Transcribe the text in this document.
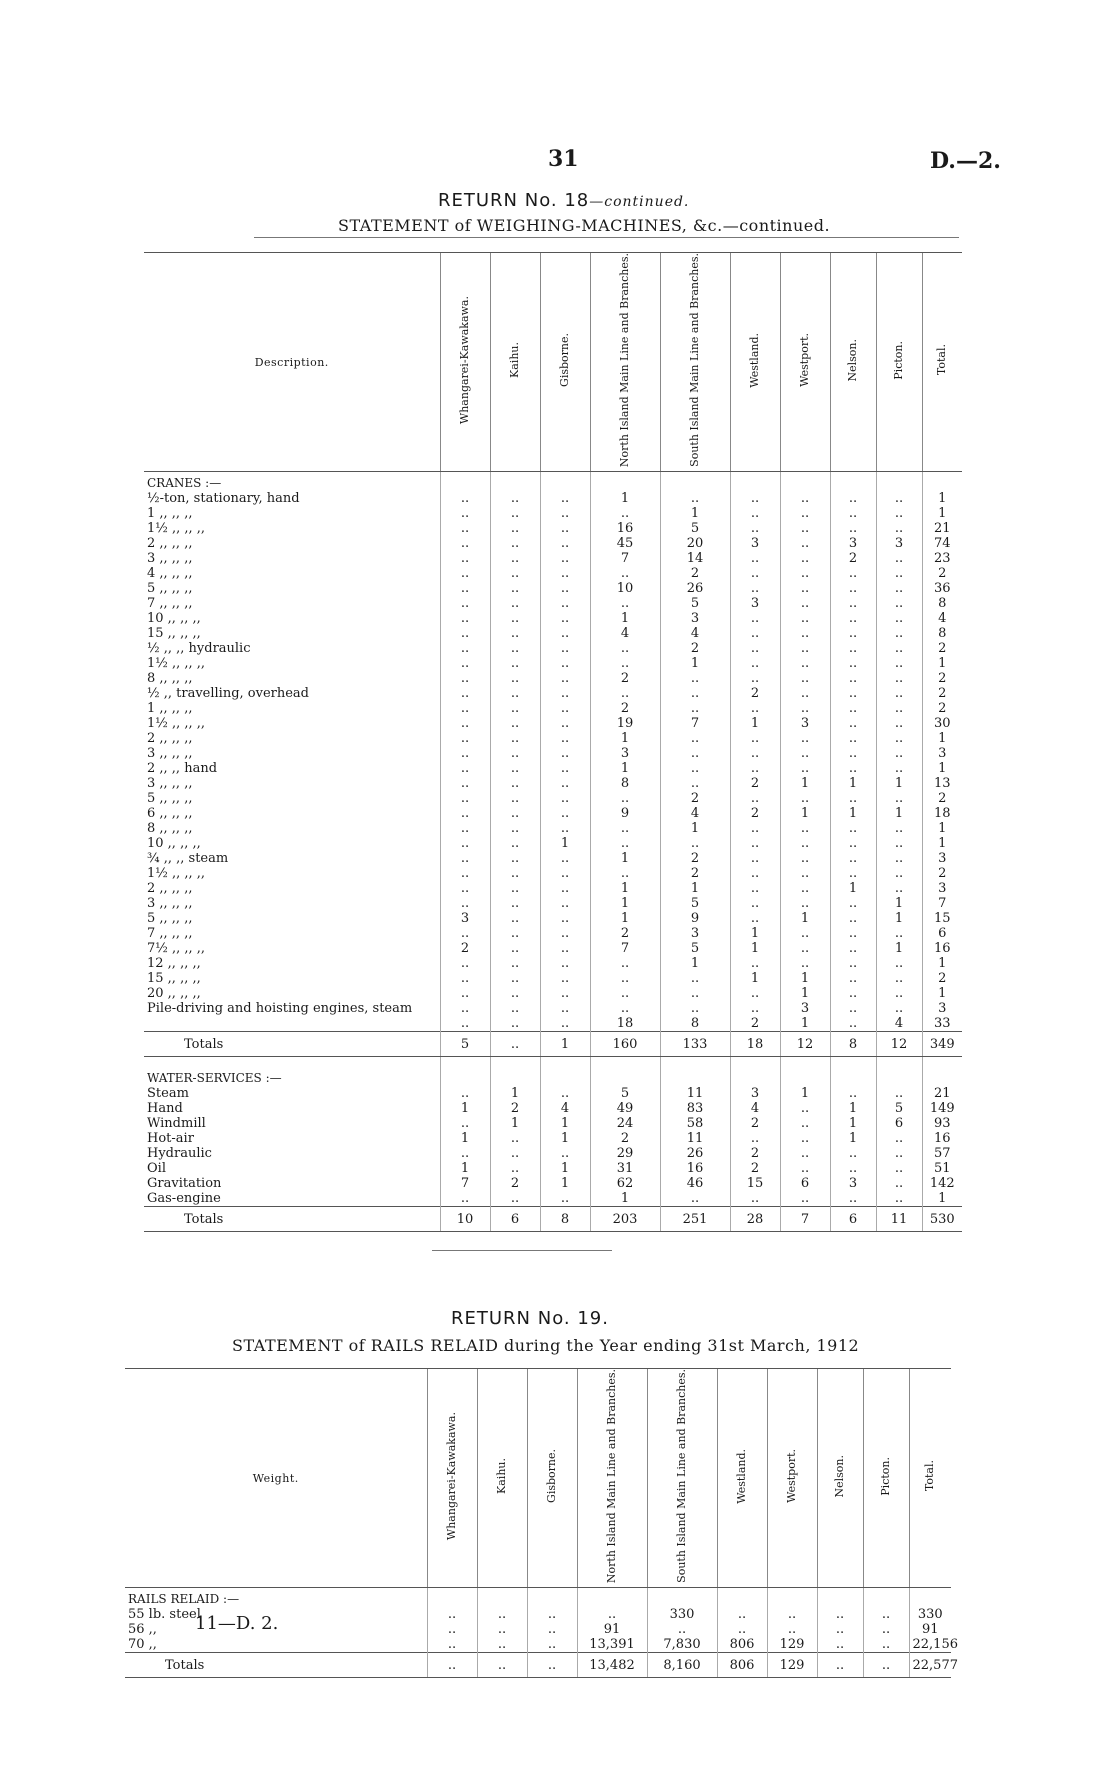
31	D.—2.
RETURN No. 18—continued.
STATEMENT of WEIGHING-MACHINES, &c.—continued.
Description.	Whangarei-Kawakawa.	Kaihu.	Gisborne.	North Island Main Line and Branches.	South Island Main Line and Branches.	Westland.	Westport.	Nelson.	Picton.	Total.
CRANES :—										
½-ton, stationary, hand	..	..	..	1	..	..	..	..	..	1
1 ,, ,, ,,	..	..	..	..	1	..	..	..	..	1
1½ ,, ,, ,,	..	..	..	16	5	..	..	..	..	21
2 ,, ,, ,,	..	..	..	45	20	3	..	3	3	74
3 ,, ,, ,,	..	..	..	7	14	..	..	2	..	23
4 ,, ,, ,,	..	..	..	..	2	..	..	..	..	2
5 ,, ,, ,,	..	..	..	10	26	..	..	..	..	36
7 ,, ,, ,,	..	..	..	..	5	3	..	..	..	8
10 ,, ,, ,,	..	..	..	1	3	..	..	..	..	4
15 ,, ,, ,,	..	..	..	4	4	..	..	..	..	8
½ ,, ,, hydraulic	..	..	..	..	2	..	..	..	..	2
1½ ,, ,, ,,	..	..	..	..	1	..	..	..	..	1
8 ,, ,, ,,	..	..	..	2	..	..	..	..	..	2
½ ,, travelling, overhead	..	..	..	..	..	2	..	..	..	2
1 ,, ,, ,,	..	..	..	2	..	..	..	..	..	2
1½ ,, ,, ,,	..	..	..	19	7	1	3	..	..	30
2 ,, ,, ,,	..	..	..	1	..	..	..	..	..	1
3 ,, ,, ,,	..	..	..	3	..	..	..	..	..	3
2 ,, ,, hand	..	..	..	1	..	..	..	..	..	1
3 ,, ,, ,,	..	..	..	8	..	2	1	1	1	13
5 ,, ,, ,,	..	..	..	..	2	..	..	..	..	2
6 ,, ,, ,,	..	..	..	9	4	2	1	1	1	18
8 ,, ,, ,,	..	..	..	..	1	..	..	..	..	1
10 ,, ,, ,,	..	..	1	..	..	..	..	..	..	1
¾ ,, ,, steam	..	..	..	1	2	..	..	..	..	3
1½ ,, ,, ,,	..	..	..	..	2	..	..	..	..	2
2 ,, ,, ,,	..	..	..	1	1	..	..	1	..	3
3 ,, ,, ,,	..	..	..	1	5	..	..	..	1	7
5 ,, ,, ,,	3	..	..	1	9	..	1	..	1	15
7 ,, ,, ,,	..	..	..	2	3	1	..	..	..	6
7½ ,, ,, ,,	2	..	..	7	5	1	..	..	1	16
12 ,, ,, ,,	..	..	..	..	1	..	..	..	..	1
15 ,, ,, ,,	..	..	..	..	..	1	1	..	..	2
20 ,, ,, ,,	..	..	..	..	..	..	1	..	..	1
Pile-driving and hoisting engines, steam	..	..	..	..	..	..	3	..	..	3
	..	..	..	18	8	2	1	..	4	33
Totals	5	..	1	160	133	18	12	8	12	349

WATER-SERVICES :—										
Steam	..	1	..	5	11	3	1	..	..	21
Hand	1	2	4	49	83	4	..	1	5	149
Windmill	..	1	1	24	58	2	..	1	6	93
Hot-air	1	..	1	2	11	..	..	1	..	16
Hydraulic	..	..	..	29	26	2	..	..	..	57
Oil	1	..	1	31	16	2	..	..	..	51
Gravitation	7	2	1	62	46	15	6	3	..	142
Gas-engine	..	..	..	1	..	..	..	..	..	1
Totals	10	6	8	203	251	28	7	6	11	530
RETURN No. 19.
STATEMENT of RAILS RELAID during the Year ending 31st March, 1912
Weight.	Whangarei-Kawakawa.	Kaihu.	Gisborne.	North Island Main Line and Branches.	South Island Main Line and Branches.	Westland.	Westport.	Nelson.	Picton.	Total.
RAILS RELAID :—										
55 lb. steel	..	..	..	..	330	..	..	..	..	330
56 ,,	..	..	..	91	..	..	..	..	..	91
70 ,,	..	..	..	13,391	7,830	806	129	..	..	22,156
Totals	..	..	..	13,482	8,160	806	129	..	..	22,577
11—D. 2.
